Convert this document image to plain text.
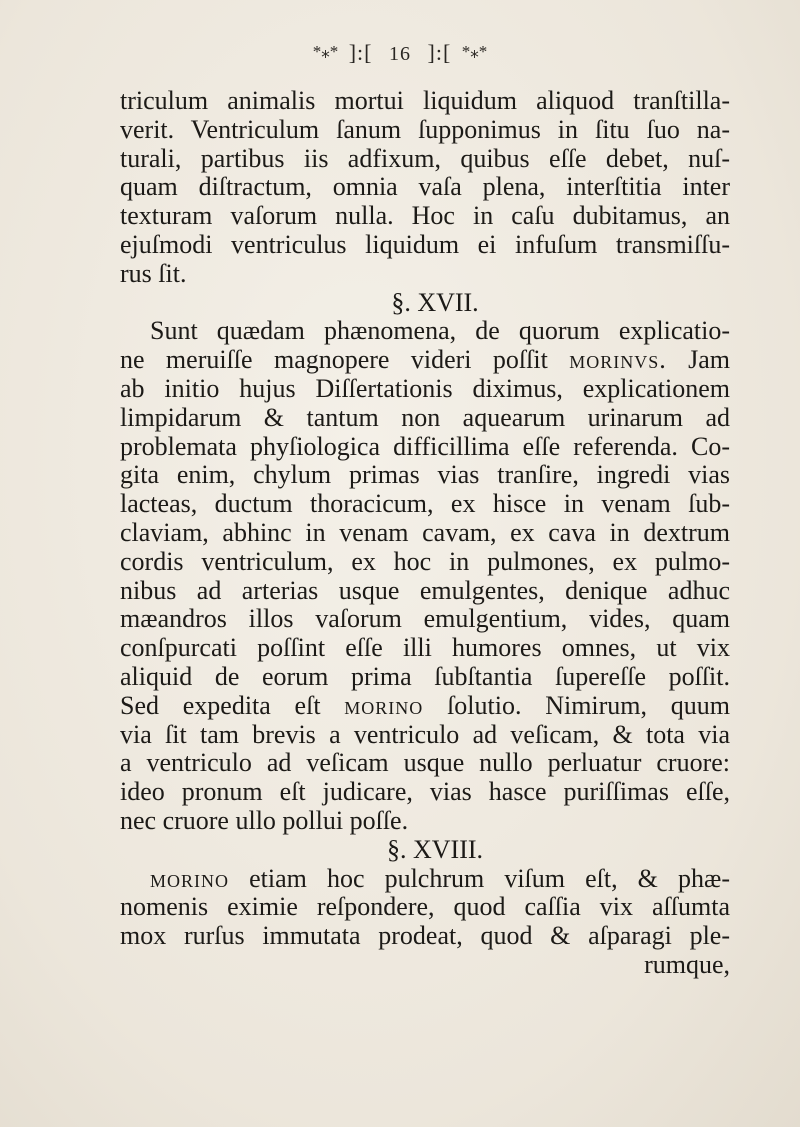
*⁎* ]:[ 16 ]:[ *⁎*
triculum animalis mortui liquidum aliquod tranſtilla-
verit. Ventriculum ſanum ſupponimus in ſitu ſuo na-
turali, partibus iis adfixum, quibus eſſe debet, nuſ-
quam diſtractum, omnia vaſa plena, interſtitia inter
texturam vaſorum nulla. Hoc in caſu dubitamus, an
ejuſmodi ventriculus liquidum ei infuſum transmiſſu-
rus ſit.
§. XVII.
Sunt quædam phænomena, de quorum explicatio-
ne meruiſſe magnopere videri poſſit morinvs. Jam
ab initio hujus Diſſertationis diximus, explicationem
limpidarum & tantum non aquearum urinarum ad
problemata phyſiologica difficillima eſſe referenda. Co-
gita enim, chylum primas vias tranſire, ingredi vias
lacteas, ductum thoracicum, ex hisce in venam ſub-
claviam, abhinc in venam cavam, ex cava in dextrum
cordis ventriculum, ex hoc in pulmones, ex pulmo-
nibus ad arterias usque emulgentes, denique adhuc
mæandros illos vaſorum emulgentium, vides, quam
conſpurcati poſſint eſſe illi humores omnes, ut vix
aliquid de eorum prima ſubſtantia ſupereſſe poſſit.
Sed expedita eſt morino ſolutio. Nimirum, quum
via ſit tam brevis a ventriculo ad veſicam, & tota via
a ventriculo ad veſicam usque nullo perluatur cruore:
ideo pronum eſt judicare, vias hasce puriſſimas eſſe,
nec cruore ullo pollui poſſe.
§. XVIII.
morino etiam hoc pulchrum viſum eſt, & phæ-
nomenis eximie reſpondere, quod caſſia vix aſſumta
mox rurſus immutata prodeat, quod & aſparagi ple-
rumque,
